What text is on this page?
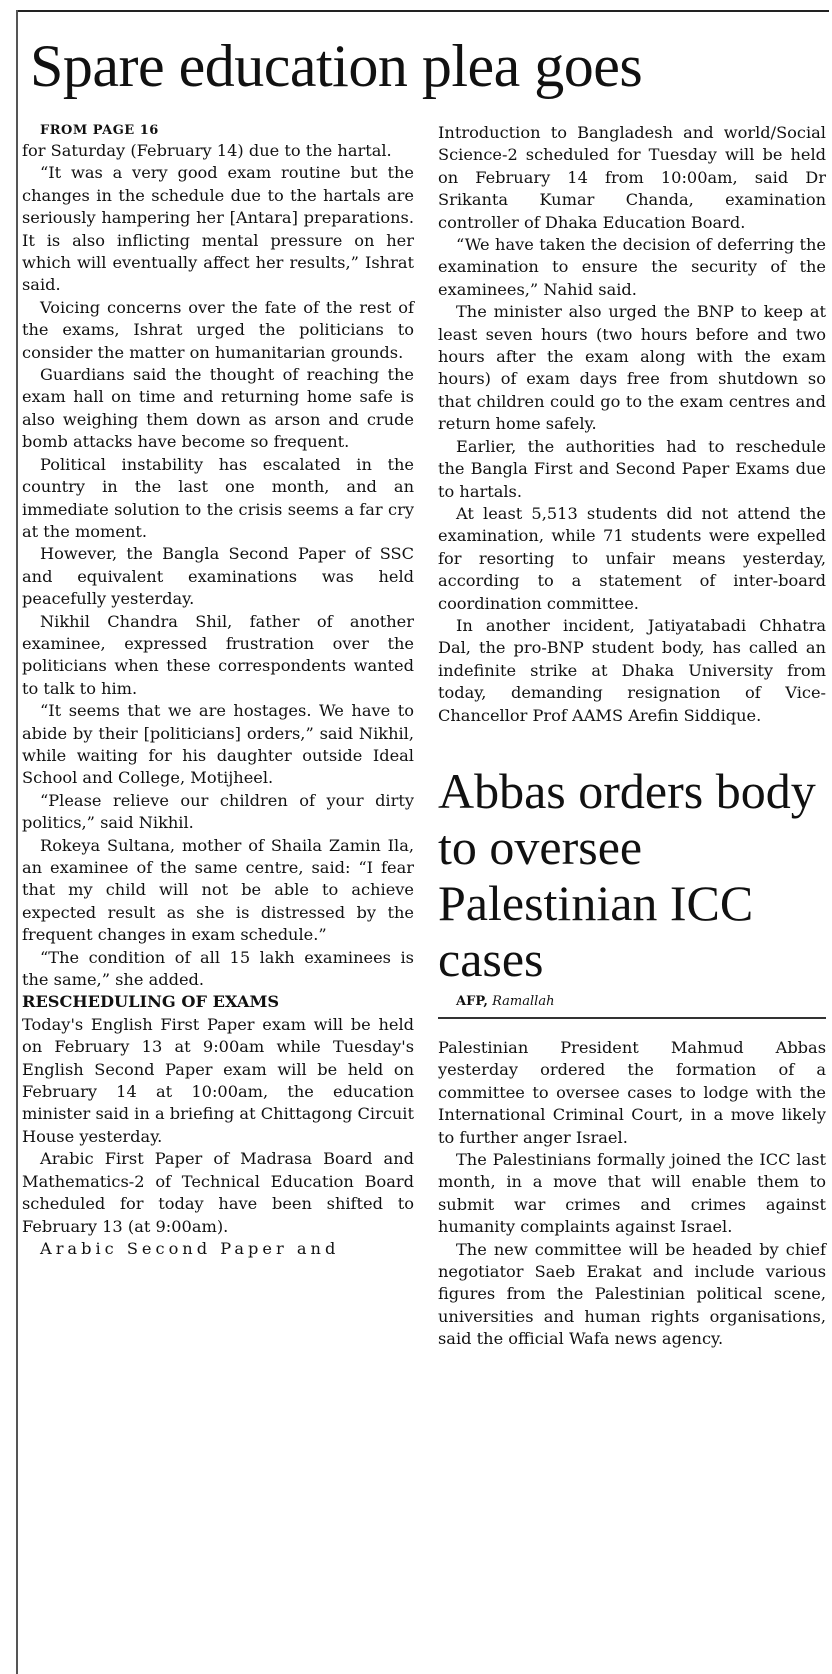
Spare education plea goes

FROM PAGE 16

for Saturday (February 14) due to the hartal.

“It was a very good exam routine but the changes in the schedule due to the hartals are seriously hampering her [Antara] preparations. It is also inflicting mental pressure on her which will eventually affect her results,” Ishrat said.

Voicing concerns over the fate of the rest of the exams, Ishrat urged the politicians to consider the matter on humanitarian grounds.

Guardians said the thought of reaching the exam hall on time and returning home safe is also weighing them down as arson and crude bomb attacks have become so frequent.

Political instability has escalated in the country in the last one month, and an immediate solution to the crisis seems a far cry at the moment.

However, the Bangla Second Paper of SSC and equivalent examinations was held peacefully yesterday.

Nikhil Chandra Shil, father of another examinee, expressed frustration over the politicians when these correspondents wanted to talk to him.

“It seems that we are hostages. We have to abide by their [politicians] orders,” said Nikhil, while waiting for his daughter outside Ideal School and College, Motijheel.

“Please relieve our children of your dirty politics,” said Nikhil.

Rokeya Sultana, mother of Shaila Zamin Ila, an examinee of the same centre, said: “I fear that my child will not be able to achieve expected result as she is distressed by the frequent changes in exam schedule.”

“The condition of all 15 lakh examinees is the same,” she added.

RESCHEDULING OF EXAMS

Today's English First Paper exam will be held on February 13 at 9:00am while Tuesday's English Second Paper exam will be held on February 14 at 10:00am, the education minister said in a briefing at Chittagong Circuit House yesterday.

Arabic First Paper of Madrasa Board and Mathematics-2 of Technical Education Board scheduled for today have been shifted to February 13 (at 9:00am).

Arabic Second Paper and

Introduction to Bangladesh and world/Social Science-2 scheduled for Tuesday will be held on February 14 from 10:00am, said Dr Srikanta Kumar Chanda, examination controller of Dhaka Education Board.

“We have taken the decision of deferring the examination to ensure the security of the examinees,” Nahid said.

The minister also urged the BNP to keep at least seven hours (two hours before and two hours after the exam along with the exam hours) of exam days free from shutdown so that children could go to the exam centres and return home safely.

Earlier, the authorities had to reschedule the Bangla First and Second Paper Exams due to hartals.

At least 5,513 students did not attend the examination, while 71 students were expelled for resorting to unfair means yesterday, according to a statement of inter-board coordination committee.

In another incident, Jatiyatabadi Chhatra Dal, the pro-BNP student body, has called an indefinite strike at Dhaka University from today, demanding resignation of Vice-Chancellor Prof AAMS Arefin Siddique.

Abbas orders body to oversee Palestinian ICC cases

AFP, Ramallah

Palestinian President Mahmud Abbas yesterday ordered the formation of a committee to oversee cases to lodge with the International Criminal Court, in a move likely to further anger Israel.

The Palestinians formally joined the ICC last month, in a move that will enable them to submit war crimes and crimes against humanity complaints against Israel.

The new committee will be headed by chief negotiator Saeb Erakat and include various figures from the Palestinian political scene, universities and human rights organisations, said the official Wafa news agency.
